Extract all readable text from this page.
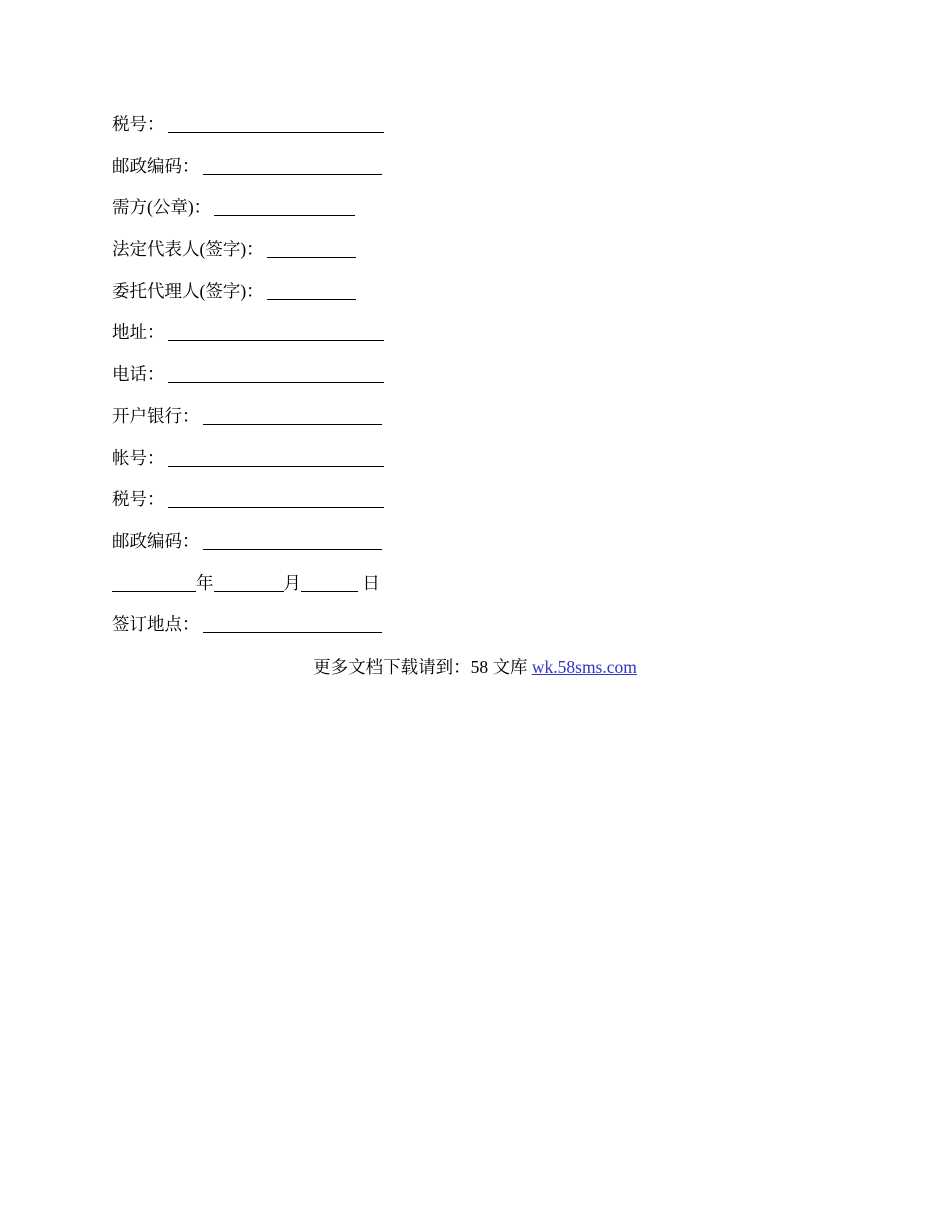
税号：
邮政编码：
需方(公章)：
法定代表人(签字)：
委托代理人(签字)：
地址：
电话：
开户银行：
帐号：
税号：
邮政编码：
年	月	日
签订地点：
更多文档下载请到：58 文库 wk.58sms.com
